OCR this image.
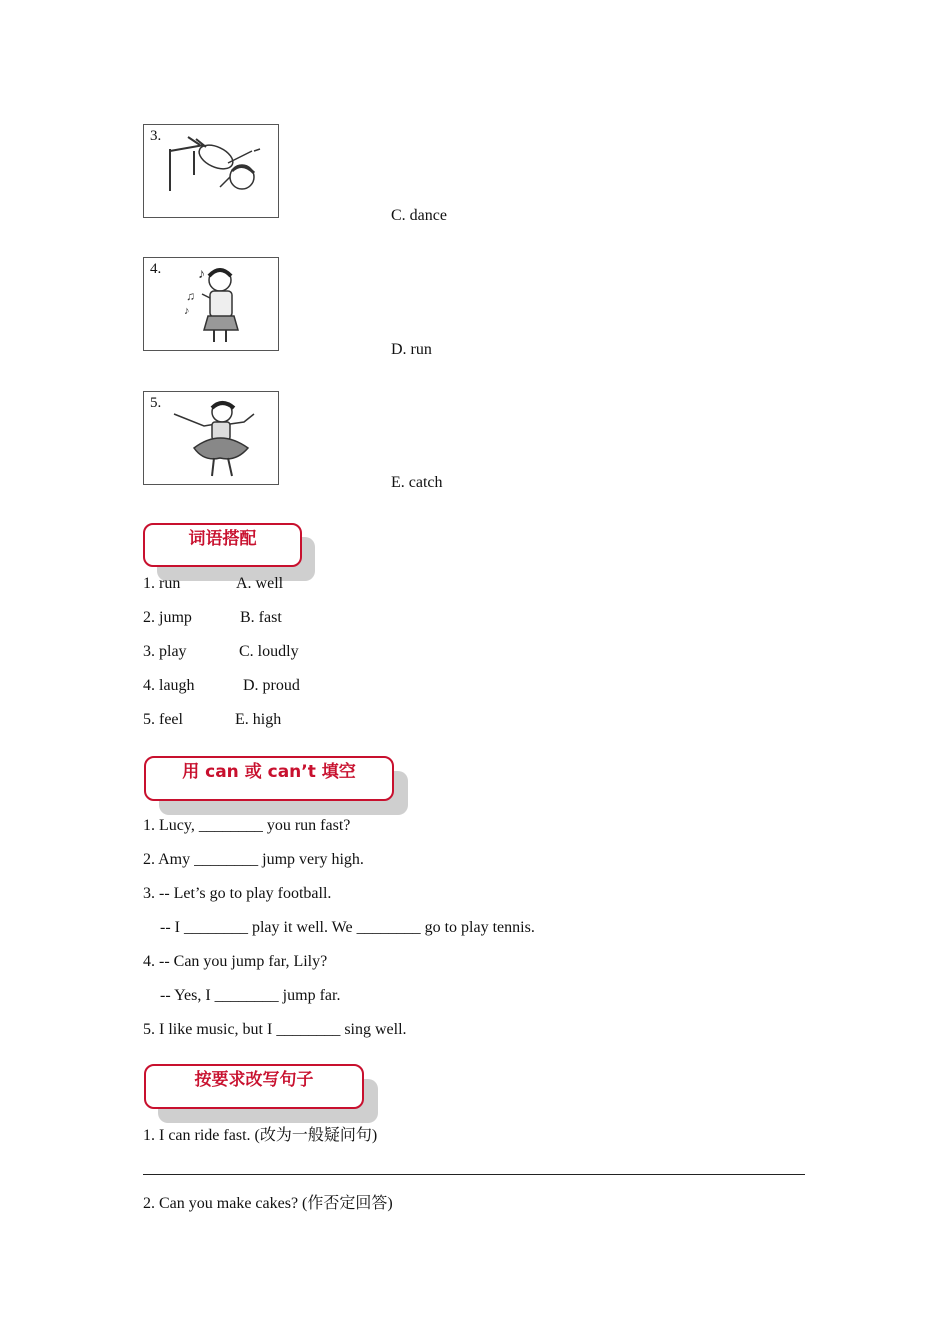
3.
C. dance
4.	♪
♫
♪
D. run
5.
E. catch
词语搭配
1. run	A. well
2. jump	B. fast
3. play	C. loudly
4. laugh	D. proud
5. feel	E. high
用 can 或 can’t 填空
1. Lucy, ________ you run fast?
2. Amy ________ jump very high.
3. -- Let’s go to play football.
-- I ________ play it well. We ________ go to play tennis.
4. -- Can you jump far, Lily?
-- Yes, I ________ jump far.
5. I like music, but I ________ sing well.
按要求改写句子
1. I can ride fast. (改为一般疑问句)
2. Can you make cakes? (作否定回答)
